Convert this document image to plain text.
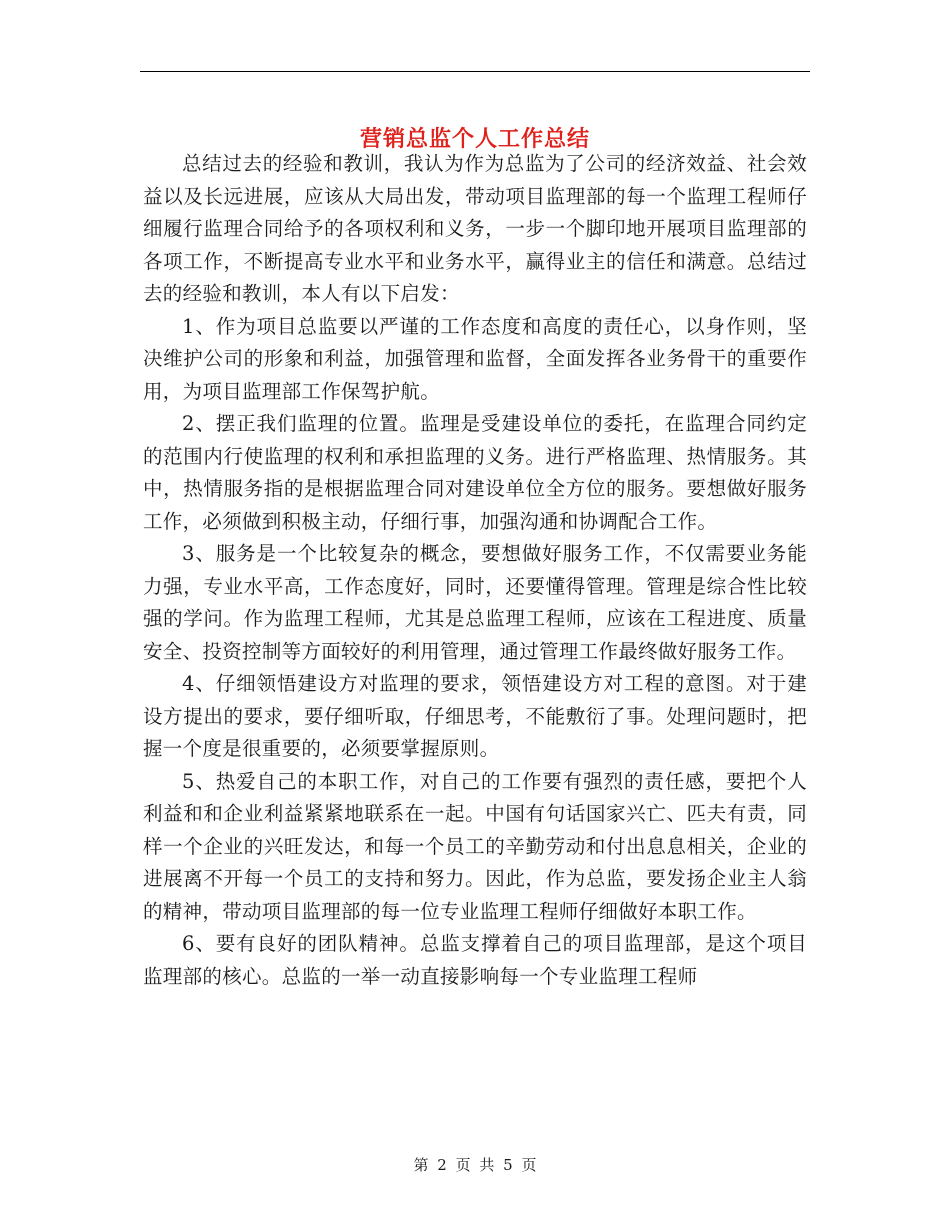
营销总监个人工作总结

总结过去的经验和教训，我认为作为总监为了公司的经济效益、社会效益以及长远进展，应该从大局出发，带动项目监理部的每一个监理工程师仔细履行监理合同给予的各项权利和义务，一步一个脚印地开展项目监理部的各项工作，不断提高专业水平和业务水平，赢得业主的信任和满意。总结过去的经验和教训，本人有以下启发：

1、作为项目总监要以严谨的工作态度和高度的责任心，以身作则，坚决维护公司的形象和利益，加强管理和监督，全面发挥各业务骨干的重要作用，为项目监理部工作保驾护航。

2、摆正我们监理的位置。监理是受建设单位的委托，在监理合同约定的范围内行使监理的权利和承担监理的义务。进行严格监理、热情服务。其中，热情服务指的是根据监理合同对建设单位全方位的服务。要想做好服务工作，必须做到积极主动，仔细行事，加强沟通和协调配合工作。

3、服务是一个比较复杂的概念，要想做好服务工作，不仅需要业务能力强，专业水平高，工作态度好，同时，还要懂得管理。管理是综合性比较强的学问。作为监理工程师，尤其是总监理工程师，应该在工程进度、质量安全、投资控制等方面较好的利用管理，通过管理工作最终做好服务工作。

4、仔细领悟建设方对监理的要求，领悟建设方对工程的意图。对于建设方提出的要求，要仔细听取，仔细思考，不能敷衍了事。处理问题时，把握一个度是很重要的，必须要掌握原则。

5、热爱自己的本职工作，对自己的工作要有强烈的责任感，要把个人利益和和企业利益紧紧地联系在一起。中国有句话国家兴亡、匹夫有责，同样一个企业的兴旺发达，和每一个员工的辛勤劳动和付出息息相关，企业的进展离不开每一个员工的支持和努力。因此，作为总监，要发扬企业主人翁的精神，带动项目监理部的每一位专业监理工程师仔细做好本职工作。

6、要有良好的团队精神。总监支撑着自己的项目监理部，是这个项目监理部的核心。总监的一举一动直接影响每一个专业监理工程师

第 2 页 共 5 页
